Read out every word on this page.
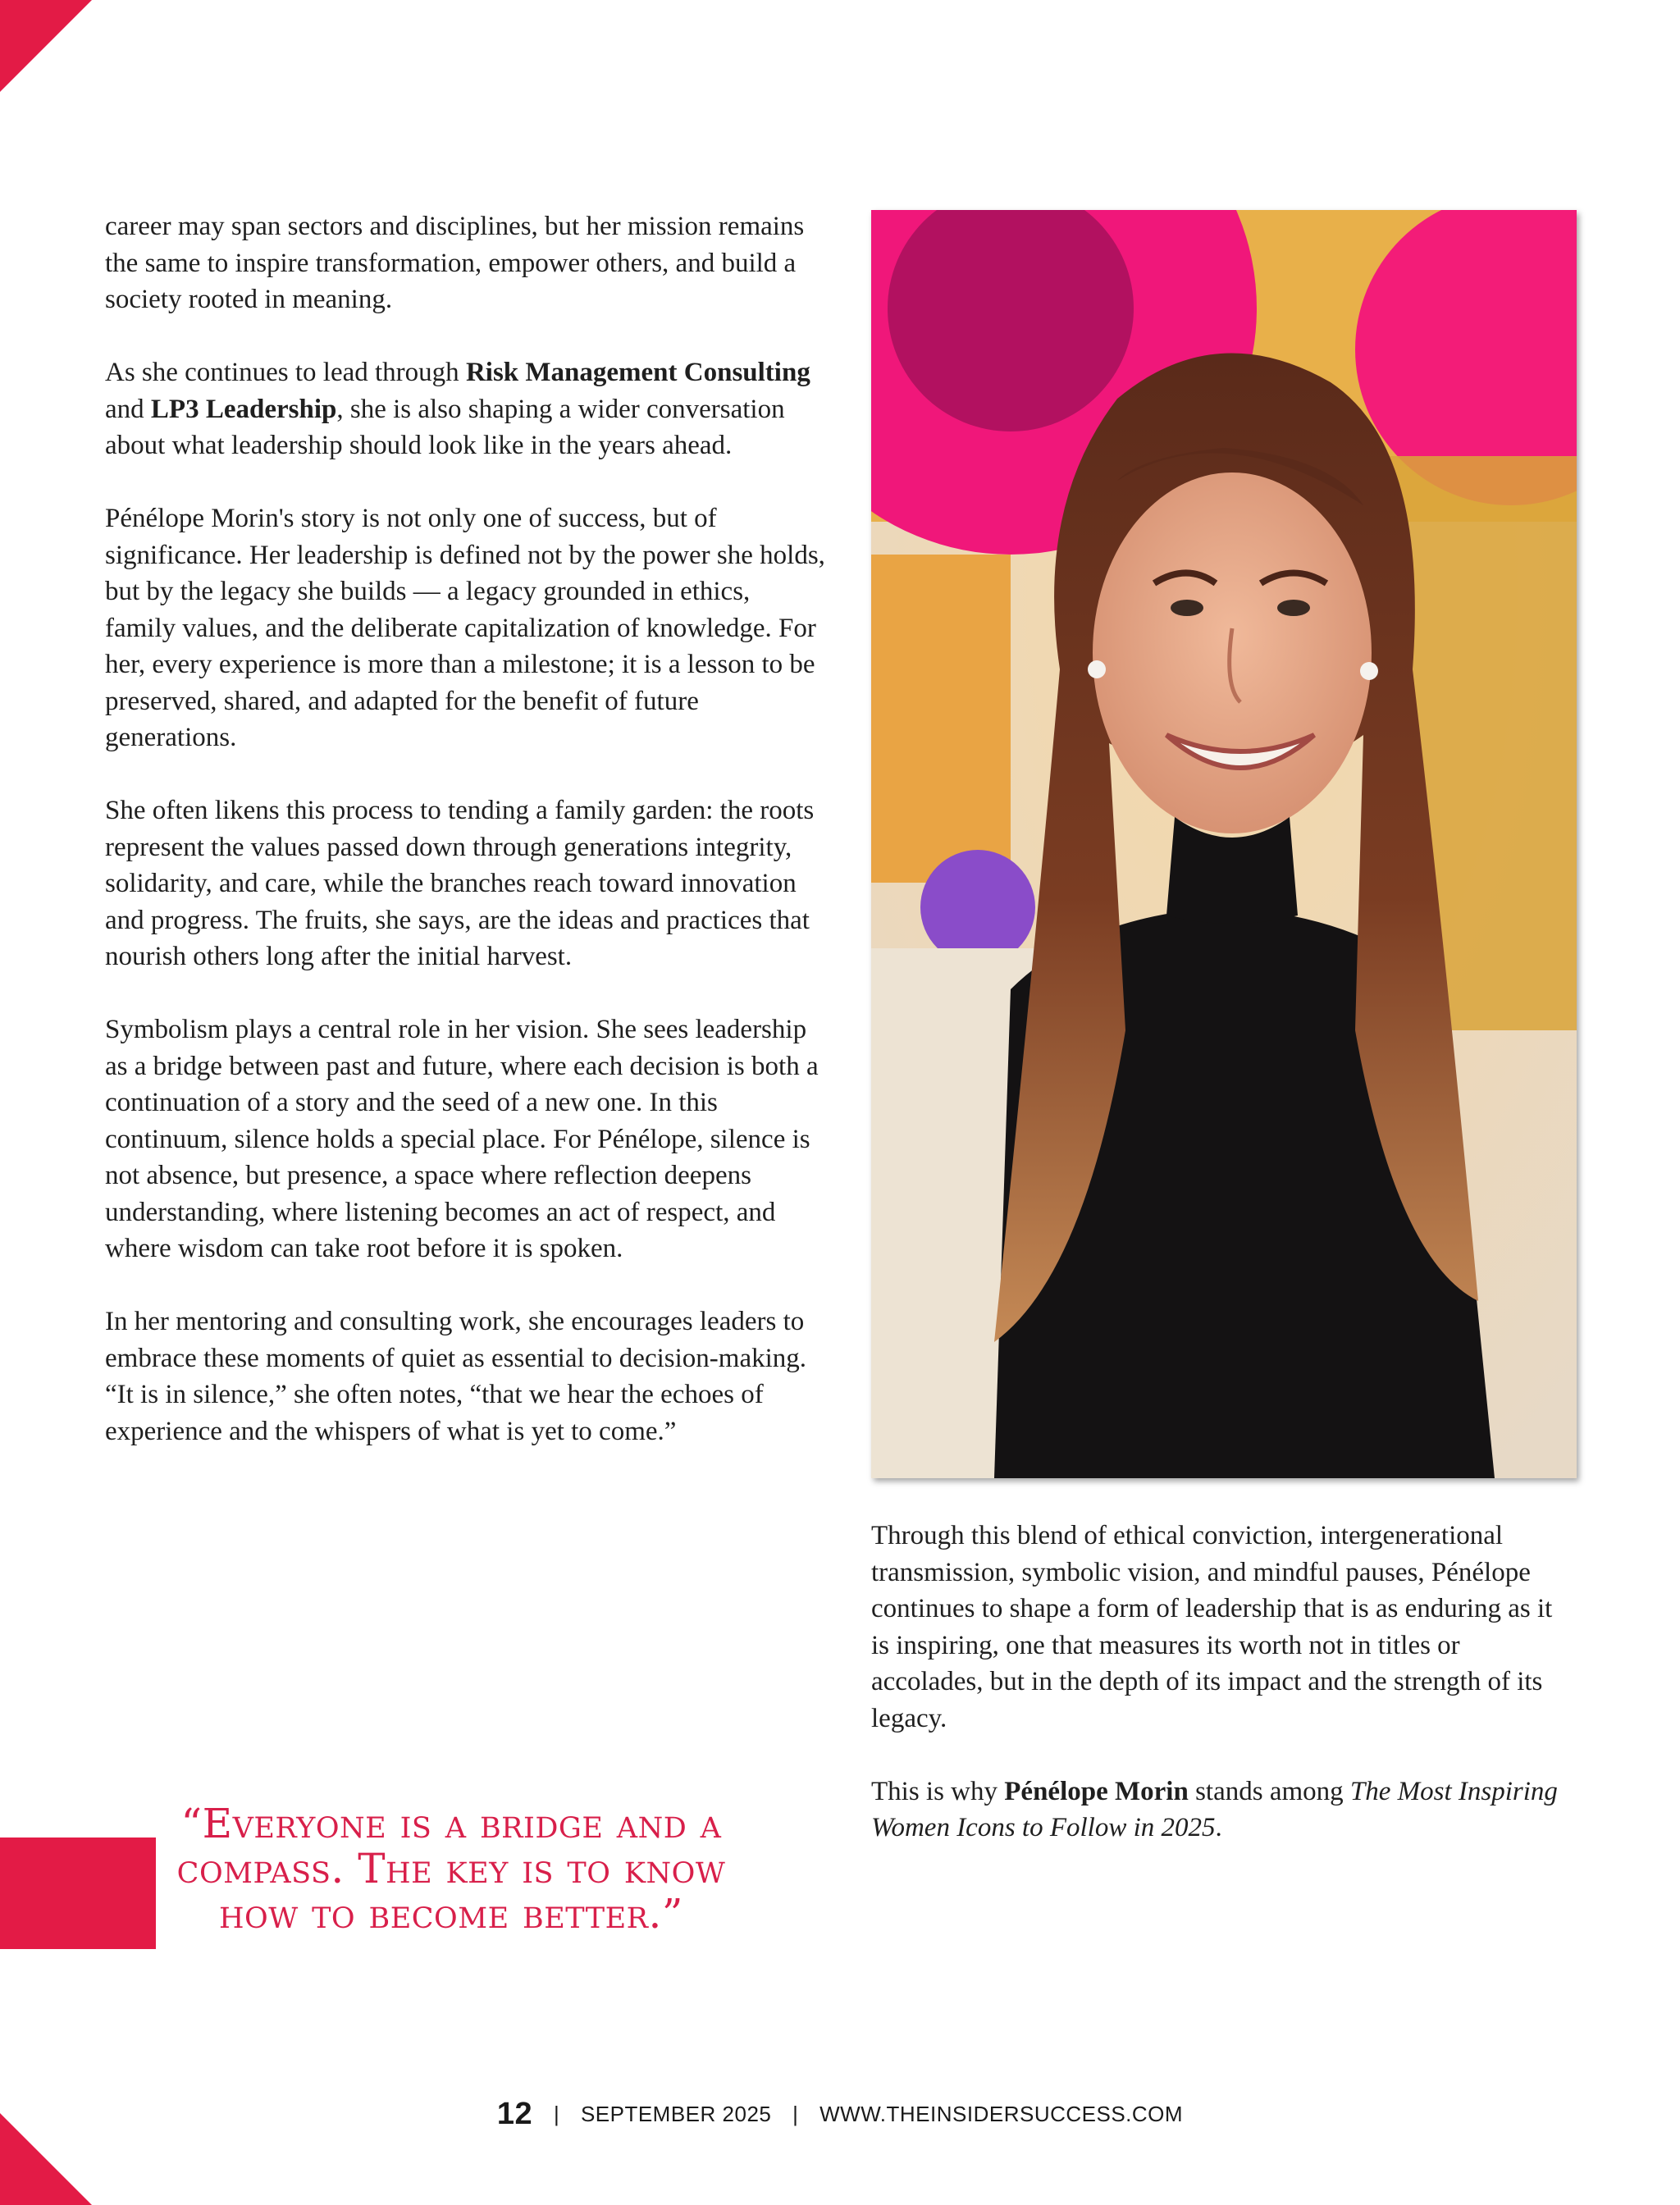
career may span sectors and disciplines, but her mission remains the same to inspire transformation, empower others, and build a society rooted in meaning.

As she continues to lead through Risk Management Consulting and LP3 Leadership, she is also shaping a wider conversation about what leadership should look like in the years ahead.

Pénélope Morin's story is not only one of success, but of significance. Her leadership is defined not by the power she holds, but by the legacy she builds — a legacy grounded in ethics, family values, and the deliberate capitalization of knowledge. For her, every experience is more than a milestone; it is a lesson to be preserved, shared, and adapted for the benefit of future generations.

She often likens this process to tending a family garden: the roots represent the values passed down through generations integrity, solidarity, and care, while the branches reach toward innovation and progress. The fruits, she says, are the ideas and practices that nourish others long after the initial harvest.

Symbolism plays a central role in her vision. She sees leadership as a bridge between past and future, where each decision is both a continuation of a story and the seed of a new one. In this continuum, silence holds a special place. For Pénélope, silence is not absence, but presence, a space where reflection deepens understanding, where listening becomes an act of respect, and where wisdom can take root before it is spoken.

In her mentoring and consulting work, she encourages leaders to embrace these moments of quiet as essential to decision-making. “It is in silence,” she often notes, “that we hear the echoes of experience and the whispers of what is yet to come.”

“Everyone is a bridge and a compass. The key is to know how to become better.”

Through this blend of ethical conviction, intergenerational transmission, symbolic vision, and mindful pauses, Pénélope continues to shape a form of leadership that is as enduring as it is inspiring, one that measures its worth not in titles or accolades, but in the depth of its impact and the strength of its legacy.

This is why Pénélope Morin stands among The Most Inspiring Women Icons to Follow in 2025.

12 | SEPTEMBER 2025 | WWW.THEINSIDERSUCCESS.COM
